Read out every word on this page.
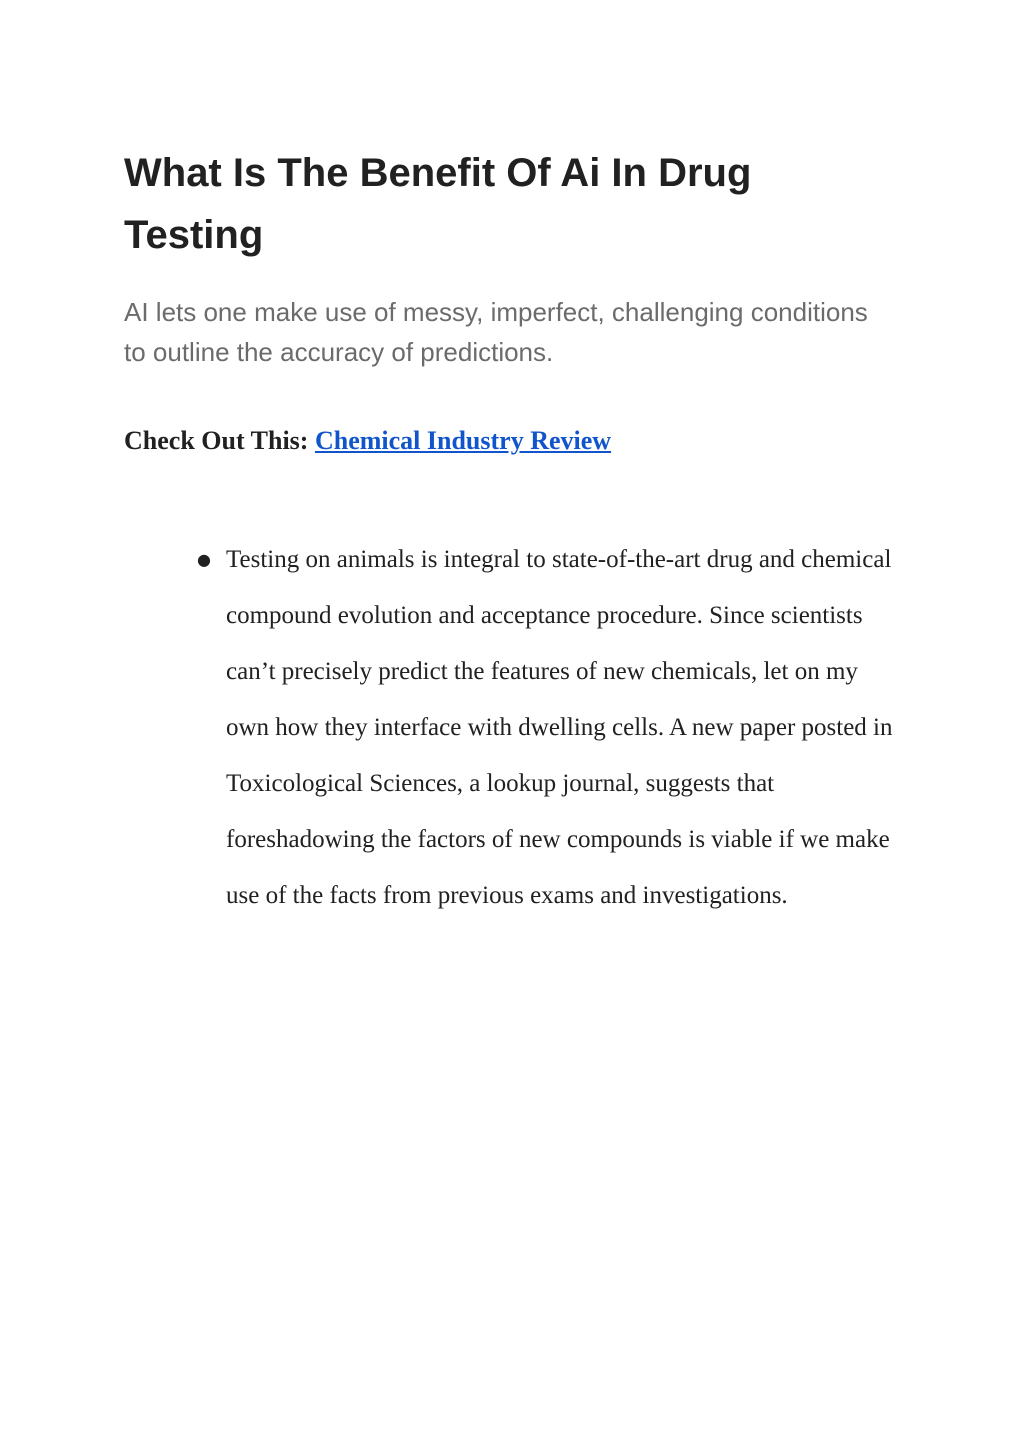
What Is The Benefit Of Ai In Drug Testing

AI lets one make use of messy, imperfect, challenging conditions to outline the accuracy of predictions.

Check Out This: Chemical Industry Review

● Testing on animals is integral to state-of-the-art drug and chemical compound evolution and acceptance procedure. Since scientists can’t precisely predict the features of new chemicals, let on my own how they interface with dwelling cells. A new paper posted in Toxicological Sciences, a lookup journal, suggests that foreshadowing the factors of new compounds is viable if we make use of the facts from previous exams and investigations.
